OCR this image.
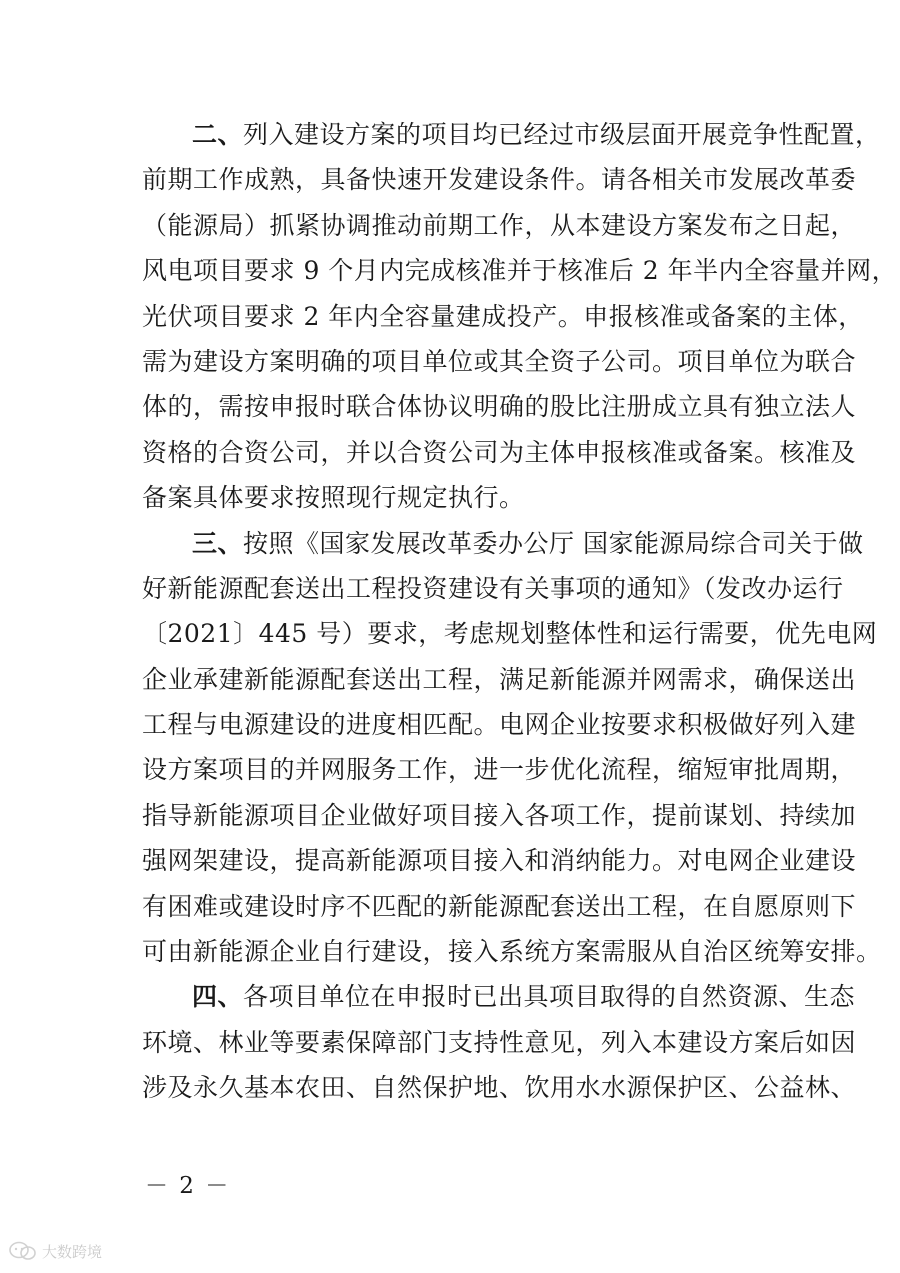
二、列入建设方案的项目均已经过市级层面开展竞争性配置，
前期工作成熟，具备快速开发建设条件。请各相关市发展改革委
（能源局）抓紧协调推动前期工作，从本建设方案发布之日起，
风电项目要求 9 个月内完成核准并于核准后 2 年半内全容量并网，
光伏项目要求 2 年内全容量建成投产。申报核准或备案的主体，
需为建设方案明确的项目单位或其全资子公司。项目单位为联合
体的，需按申报时联合体协议明确的股比注册成立具有独立法人
资格的合资公司，并以合资公司为主体申报核准或备案。核准及
备案具体要求按照现行规定执行。
三、按照《国家发展改革委办公厅 国家能源局综合司关于做
好新能源配套送出工程投资建设有关事项的通知》（发改办运行
〔2021〕445 号）要求，考虑规划整体性和运行需要，优先电网
企业承建新能源配套送出工程，满足新能源并网需求，确保送出
工程与电源建设的进度相匹配。电网企业按要求积极做好列入建
设方案项目的并网服务工作，进一步优化流程，缩短审批周期，
指导新能源项目企业做好项目接入各项工作，提前谋划、持续加
强网架建设，提高新能源项目接入和消纳能力。对电网企业建设
有困难或建设时序不匹配的新能源配套送出工程，在自愿原则下
可由新能源企业自行建设，接入系统方案需服从自治区统筹安排。
四、各项目单位在申报时已出具项目取得的自然资源、生态
环境、林业等要素保障部门支持性意见，列入本建设方案后如因
涉及永久基本农田、自然保护地、饮用水水源保护区、公益林、
－ 2 －
大数跨境
